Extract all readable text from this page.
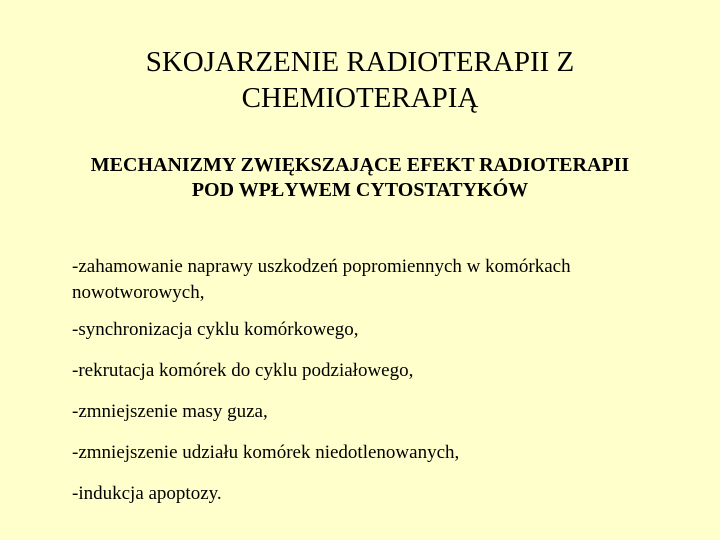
SKOJARZENIE RADIOTERAPII Z
CHEMIOTERAPIĄ
MECHANIZMY ZWIĘKSZAJĄCE EFEKT RADIOTERAPII
POD WPŁYWEM CYTOSTATYKÓW
-zahamowanie naprawy uszkodzeń popromiennych w komórkach nowotworowych,
-synchronizacja cyklu komórkowego,
-rekrutacja komórek do cyklu podziałowego,
-zmniejszenie masy guza,
-zmniejszenie udziału komórek niedotlenowanych,
-indukcja apoptozy.
